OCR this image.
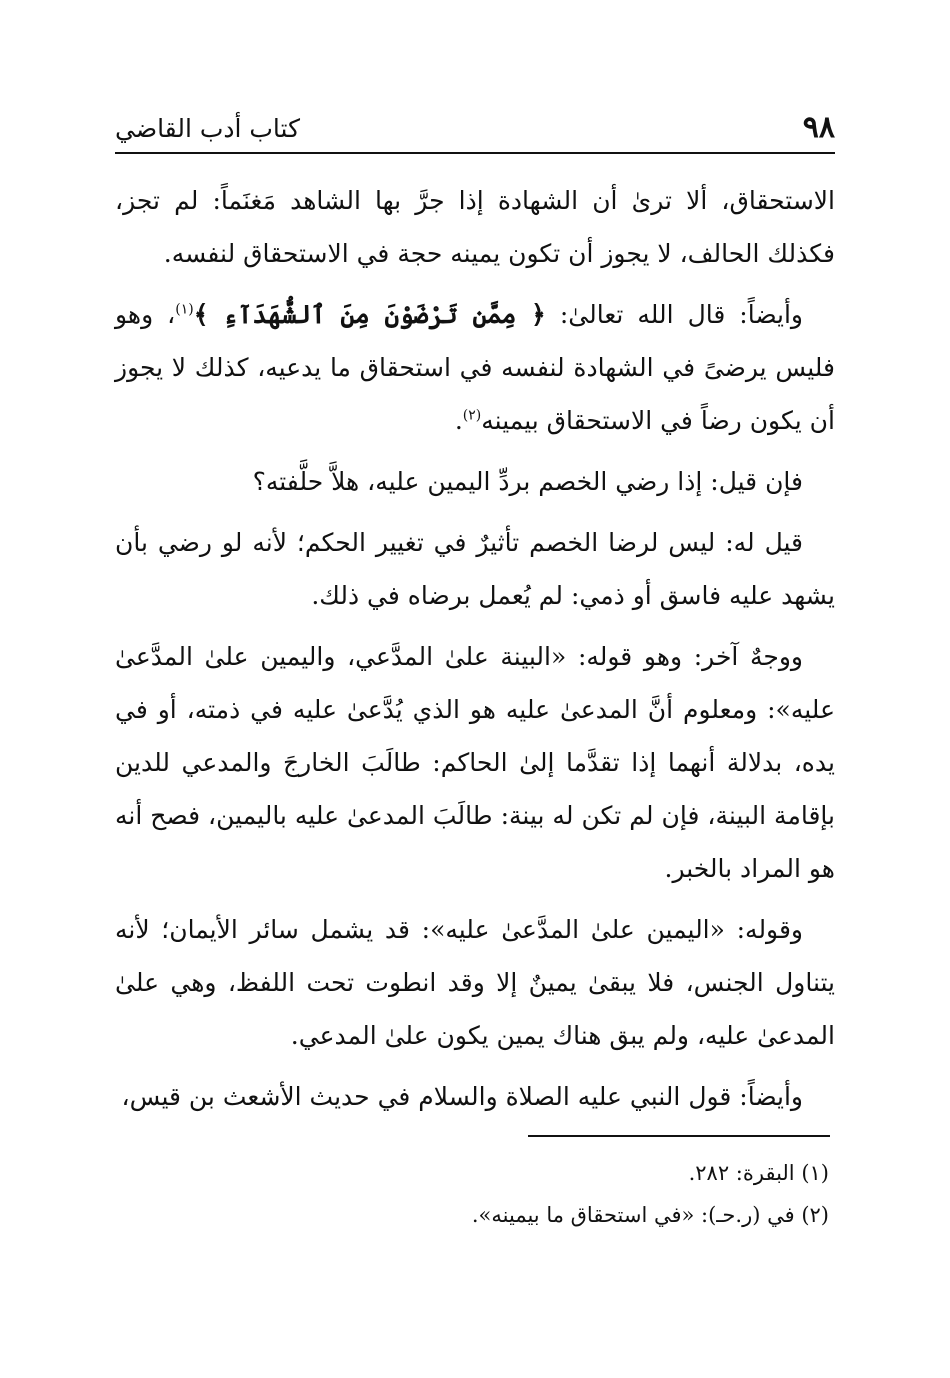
٩٨
كتاب أدب القاضي

الاستحقاق، ألا ترىٰ أن الشهادة إذا جرَّ بها الشاهد مَغنَماً: لم تجز، فكذلك الحالف، لا يجوز أن تكون يمينه حجة في الاستحقاق لنفسه.

وأيضاً: قال الله تعالىٰ: ﴿ مِمَّن تَرْضَوْنَ مِنَ ٱلشُّهَدَآءِ ﴾$^{(١)}$، وهو فليس يرضىً في الشهادة لنفسه في استحقاق ما يدعيه، كذلك لا يجوز أن يكون رضاً في الاستحقاق بيمينه$^{(٢)}$.

فإن قيل: إذا رضي الخصم بردِّ اليمين عليه، هلاَّ حلَّفته؟

قيل له: ليس لرضا الخصم تأثيرٌ في تغيير الحكم؛ لأنه لو رضي بأن يشهد عليه فاسق أو ذمي: لم يُعمل برضاه في ذلك.

ووجهٌ آخر: وهو قوله: «البينة علىٰ المدَّعي، واليمين علىٰ المدَّعىٰ عليه»: ومعلوم أنَّ المدعىٰ عليه هو الذي يُدَّعىٰ عليه في ذمته، أو في يده، بدلالة أنهما إذا تقدَّما إلىٰ الحاكم: طالَبَ الخارجَ والمدعي للدين بإقامة البينة، فإن لم تكن له بينة: طالَبَ المدعىٰ عليه باليمين، فصح أنه هو المراد بالخبر.

وقوله: «اليمين علىٰ المدَّعىٰ عليه»: قد يشمل سائر الأيمان؛ لأنه يتناول الجنس، فلا يبقىٰ يمينٌ إلا وقد انطوت تحت اللفظ، وهي علىٰ المدعىٰ عليه، ولم يبق هناك يمين يكون علىٰ المدعي.

وأيضاً: قول النبي عليه الصلاة والسلام في حديث الأشعث بن قيس،

(١) البقرة: ٢٨٢.

(٢) في (ر.حـ): «في استحقاق ما بيمينه».
